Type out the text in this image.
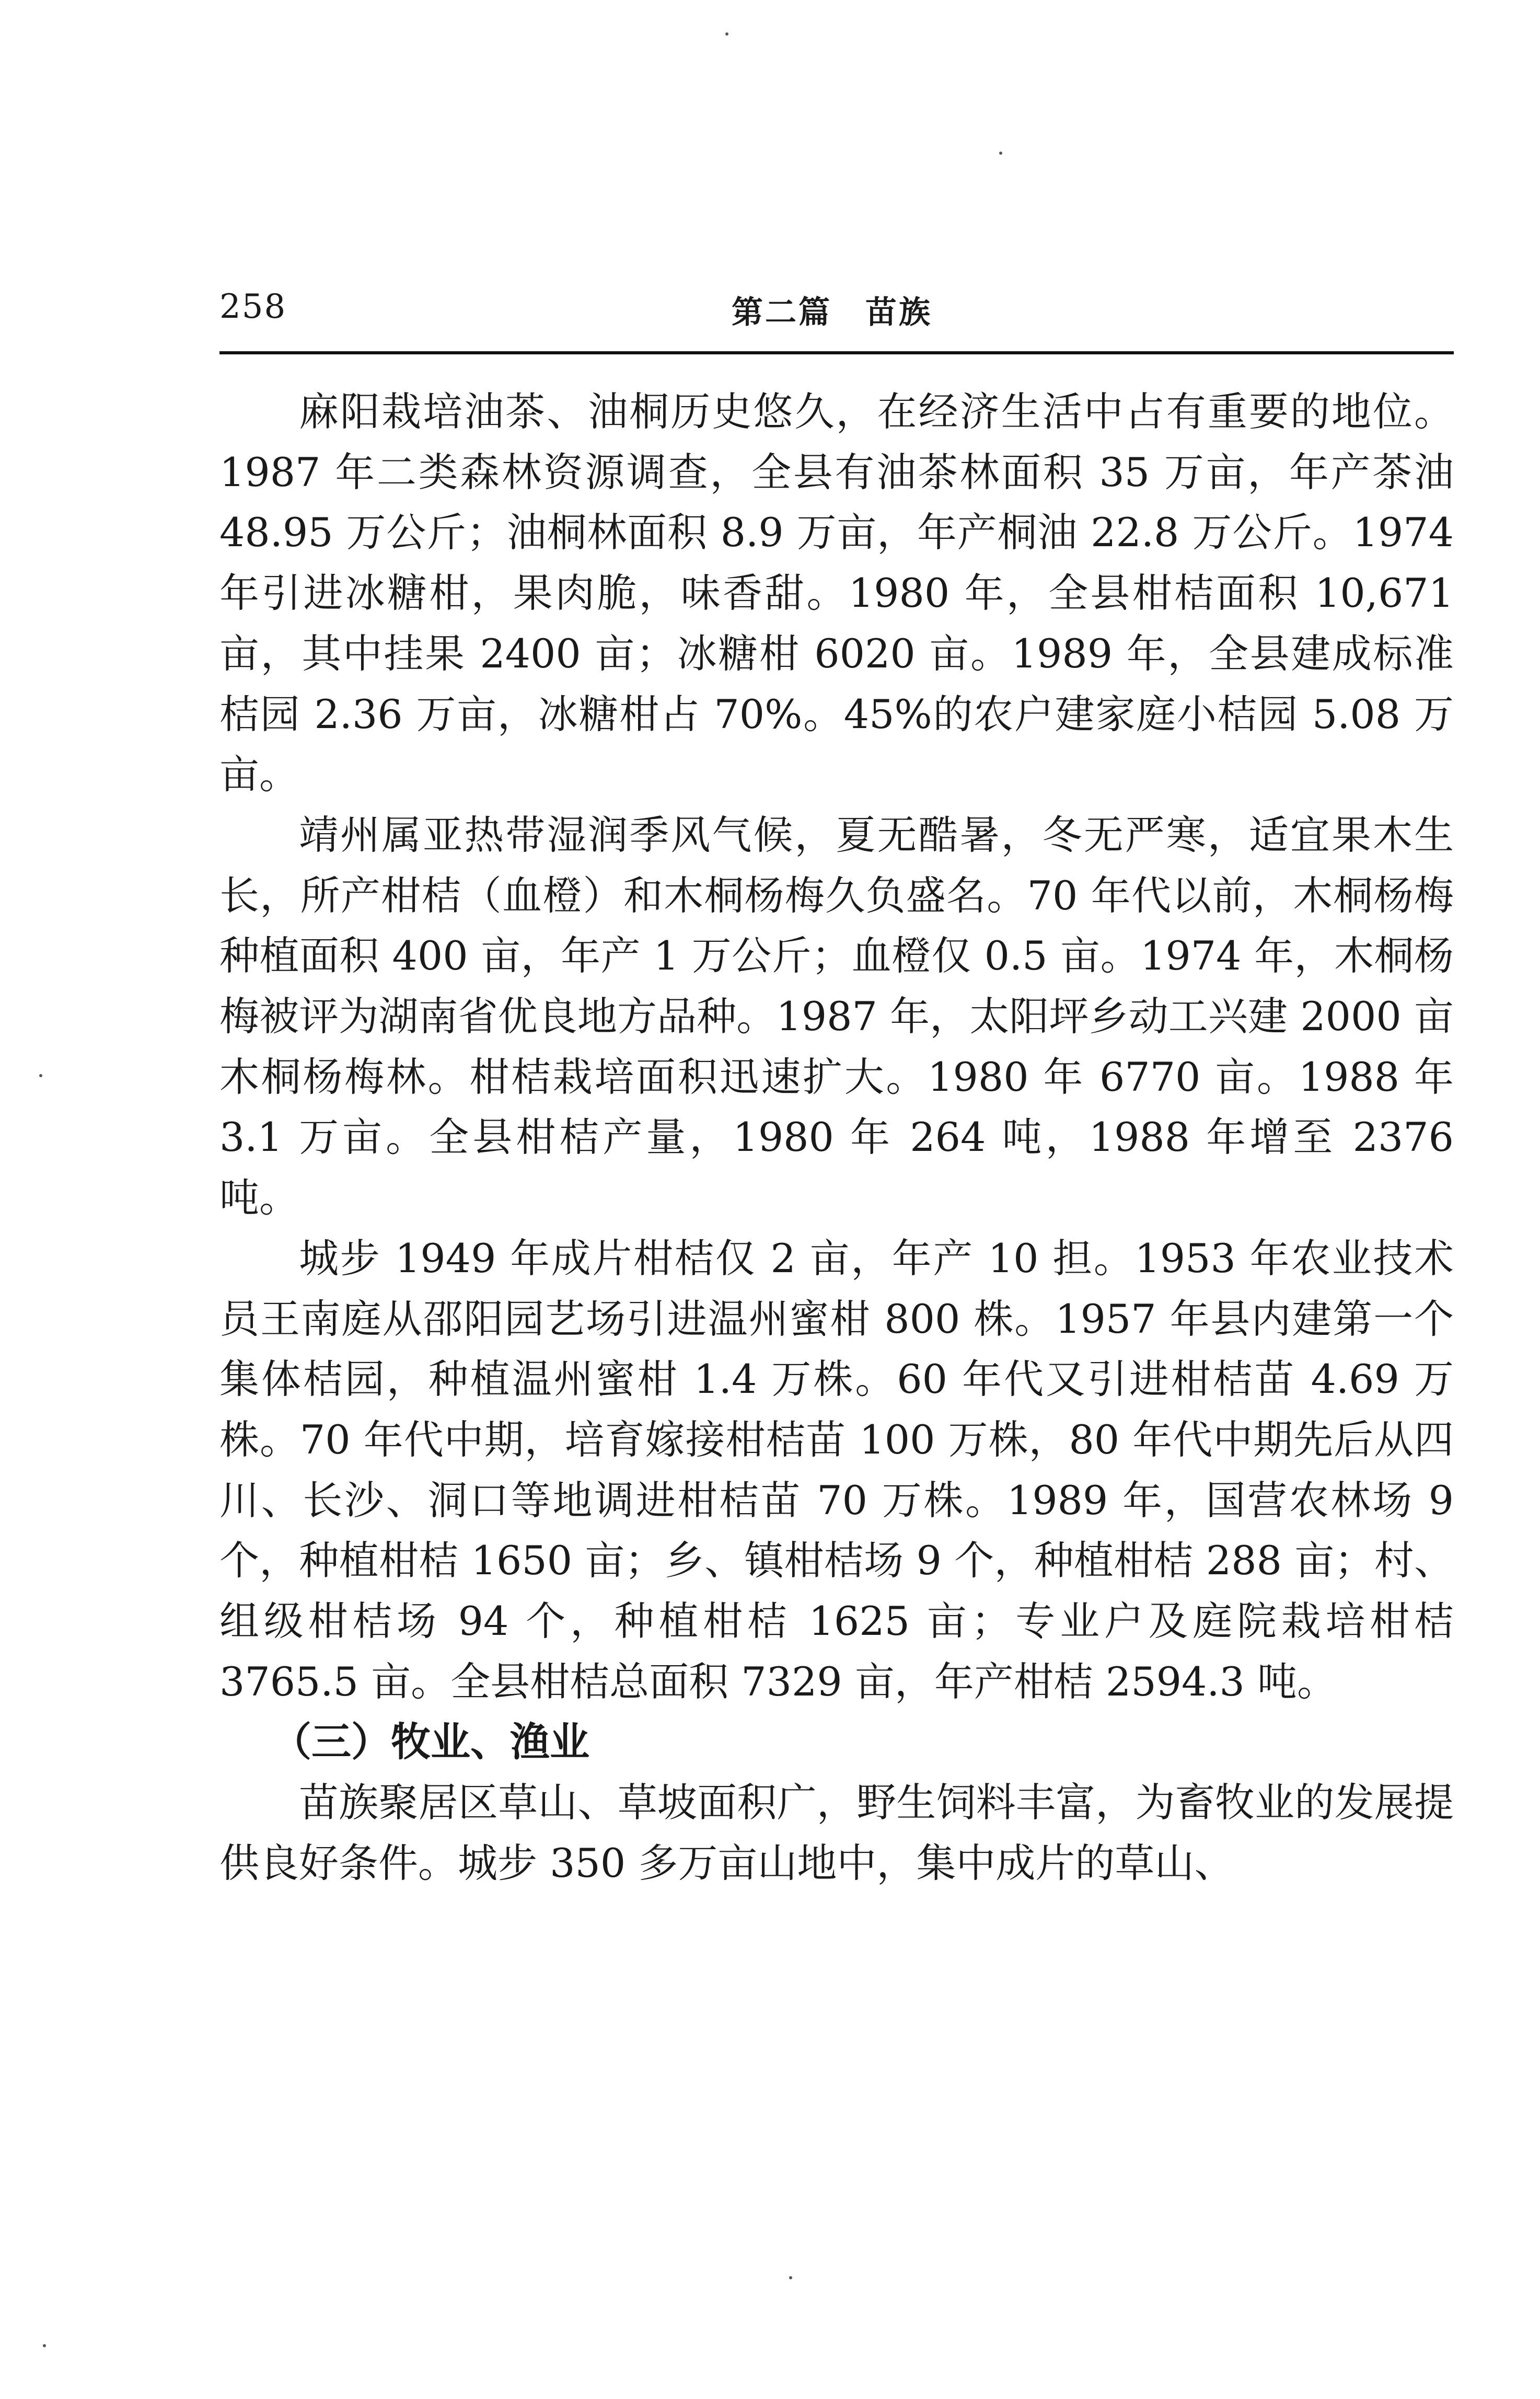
258	第二篇　苗族

麻阳栽培油茶、油桐历史悠久，在经济生活中占有重要的地位。1987 年二类森林资源调查，全县有油茶林面积 35 万亩，年产茶油 48.95 万公斤；油桐林面积 8.9 万亩，年产桐油 22.8 万公斤。1974 年引进冰糖柑，果肉脆，味香甜。1980 年，全县柑桔面积 10,671 亩，其中挂果 2400 亩；冰糖柑 6020 亩。1989 年，全县建成标准桔园 2.36 万亩，冰糖柑占 70%。45%的农户建家庭小桔园 5.08 万亩。

靖州属亚热带湿润季风气候，夏无酷暑，冬无严寒，适宜果木生长，所产柑桔（血橙）和木桐杨梅久负盛名。70 年代以前，木桐杨梅种植面积 400 亩，年产 1 万公斤；血橙仅 0.5 亩。1974 年，木桐杨梅被评为湖南省优良地方品种。1987 年，太阳坪乡动工兴建 2000 亩木桐杨梅林。柑桔栽培面积迅速扩大。1980 年 6770 亩。1988 年 3.1 万亩。全县柑桔产量，1980 年 264 吨，1988 年增至 2376 吨。

城步 1949 年成片柑桔仅 2 亩，年产 10 担。1953 年农业技术员王南庭从邵阳园艺场引进温州蜜柑 800 株。1957 年县内建第一个集体桔园，种植温州蜜柑 1.4 万株。60 年代又引进柑桔苗 4.69 万株。70 年代中期，培育嫁接柑桔苗 100 万株，80 年代中期先后从四川、长沙、洞口等地调进柑桔苗 70 万株。1989 年，国营农林场 9 个，种植柑桔 1650 亩；乡、镇柑桔场 9 个，种植柑桔 288 亩；村、组级柑桔场 94 个，种植柑桔 1625 亩；专业户及庭院栽培柑桔 3765.5 亩。全县柑桔总面积 7329 亩，年产柑桔 2594.3 吨。

（三）牧业、渔业

苗族聚居区草山、草坡面积广，野生饲料丰富，为畜牧业的发展提供良好条件。城步 350 多万亩山地中，集中成片的草山、
